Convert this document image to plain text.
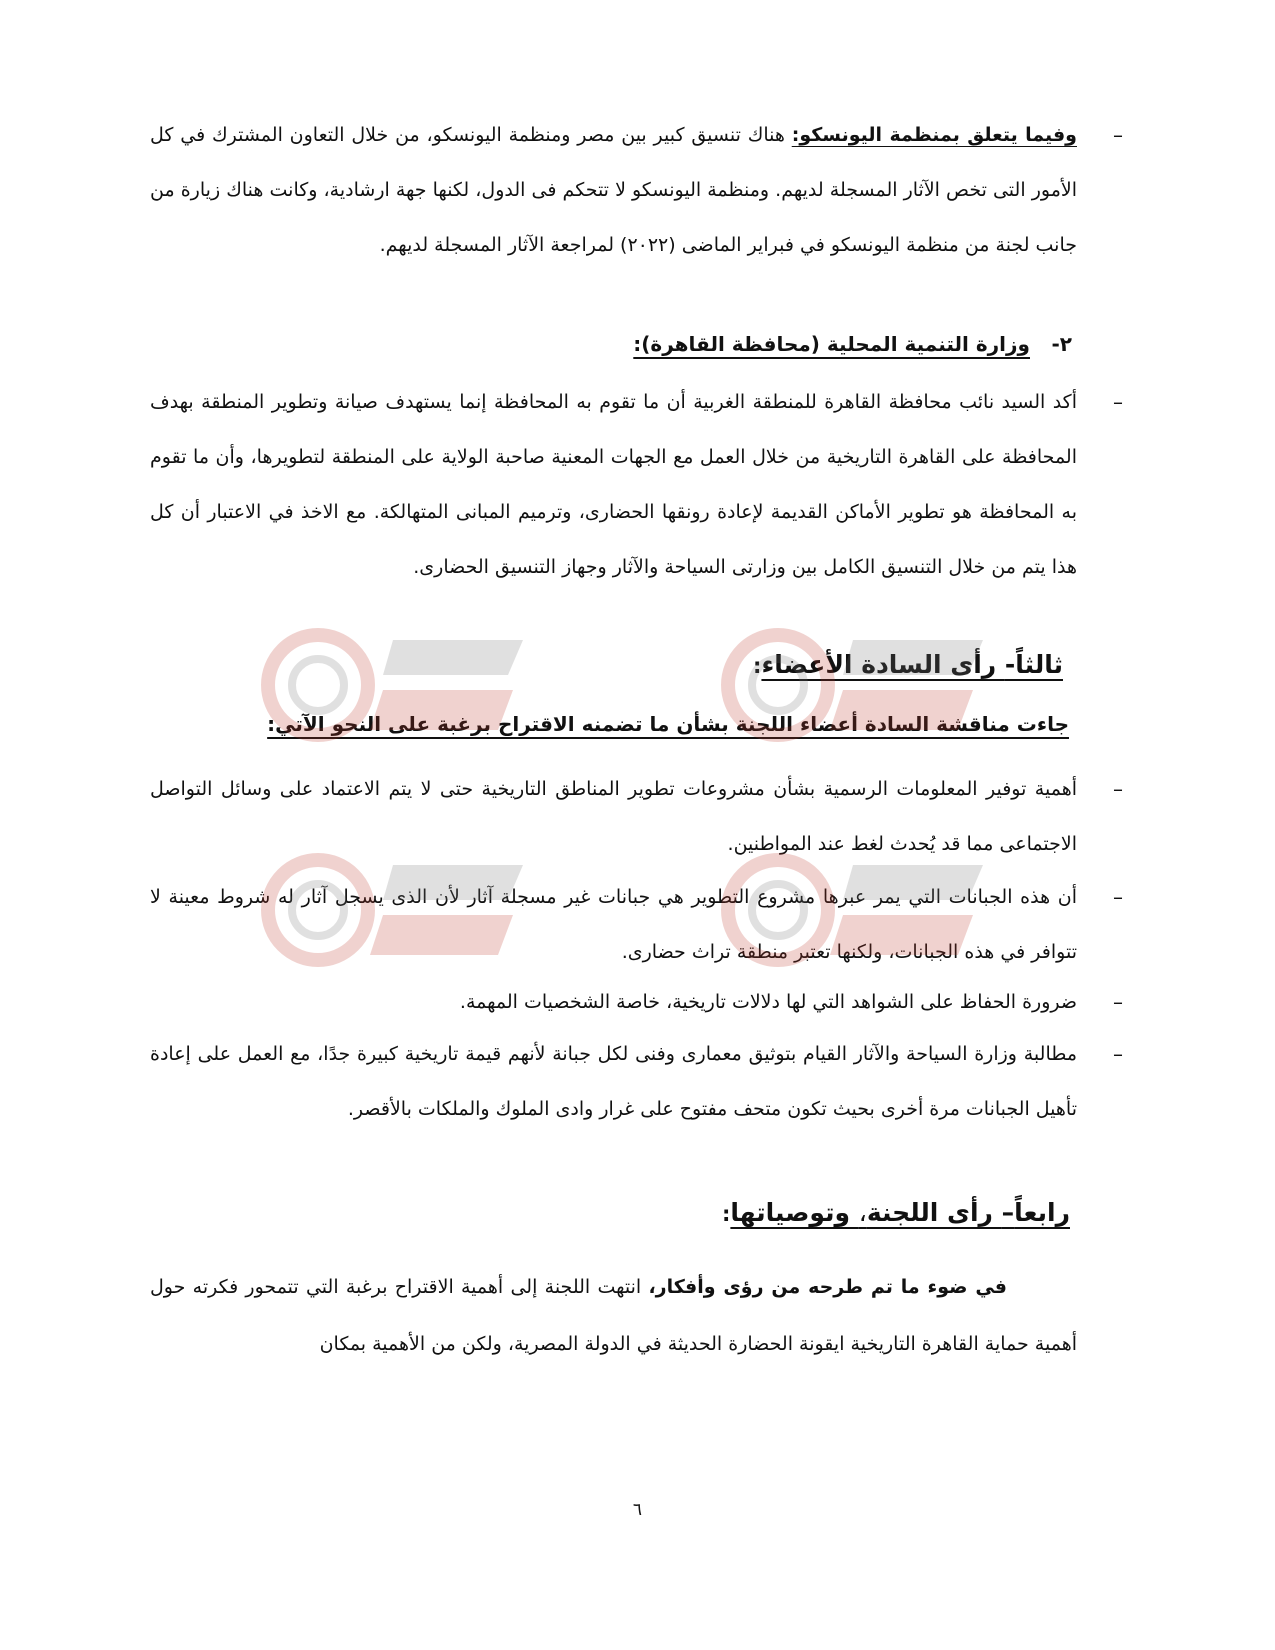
–
وفيما يتعلق بمنظمة اليونسكو: هناك تنسيق كبير بين مصر ومنظمة اليونسكو، من خلال التعاون المشترك في كل الأمور التى تخص الآثار المسجلة لديهم. ومنظمة اليونسكو لا تتحكم فى الدول، لكنها جهة ارشادية، وكانت هناك زيارة من جانب لجنة من منظمة اليونسكو في فبراير الماضى (٢٠٢٢) لمراجعة الآثار المسجلة لديهم.
٢-
وزارة التنمية المحلية (محافظة القاهرة):
–
أكد السيد نائب محافظة القاهرة للمنطقة الغربية أن ما تقوم به المحافظة إنما يستهدف صيانة وتطوير المنطقة بهدف المحافظة على القاهرة التاريخية من خلال العمل مع الجهات المعنية صاحبة الولاية على المنطقة لتطويرها، وأن ما تقوم به المحافظة هو تطوير الأماكن القديمة لإعادة رونقها الحضارى، وترميم المبانى المتهالكة. مع الاخذ في الاعتبار أن كل هذا يتم من خلال التنسيق الكامل بين وزارتى السياحة والآثار وجهاز التنسيق الحضارى.
ثالثاً- رأى السادة الأعضاء:
جاءت مناقشة السادة أعضاء اللجنة بشأن ما تضمنه الاقتراح برغبة على النحو الآتي:
–
أهمية توفير المعلومات الرسمية بشأن مشروعات تطوير المناطق التاريخية حتى لا يتم الاعتماد على وسائل التواصل الاجتماعى مما قد يُحدث لغط عند المواطنين.
–
أن هذه الجبانات التي يمر عبرها مشروع التطوير هي جبانات غير مسجلة آثار لأن الذى يسجل آثار له شروط معينة لا تتوافر في هذه الجبانات، ولكنها تعتبر منطقة تراث حضارى.
–
ضرورة الحفاظ على الشواهد التي لها دلالات تاريخية، خاصة الشخصيات المهمة.
–
مطالبة وزارة السياحة والآثار القيام بتوثيق معمارى وفنى لكل جبانة لأنهم قيمة تاريخية كبيرة جدًا، مع العمل على إعادة تأهيل الجبانات مرة أخرى بحيث تكون متحف مفتوح على غرار وادى الملوك والملكات بالأقصر.
رابعاً– رأى اللجنة، وتوصياتها:
في ضوء ما تم طرحه من رؤى وأفكار، انتهت اللجنة إلى أهمية الاقتراح برغبة التي تتمحور فكرته حول أهمية حماية القاهرة التاريخية ايقونة الحضارة الحديثة في الدولة المصرية، ولكن من الأهمية بمكان
٦
